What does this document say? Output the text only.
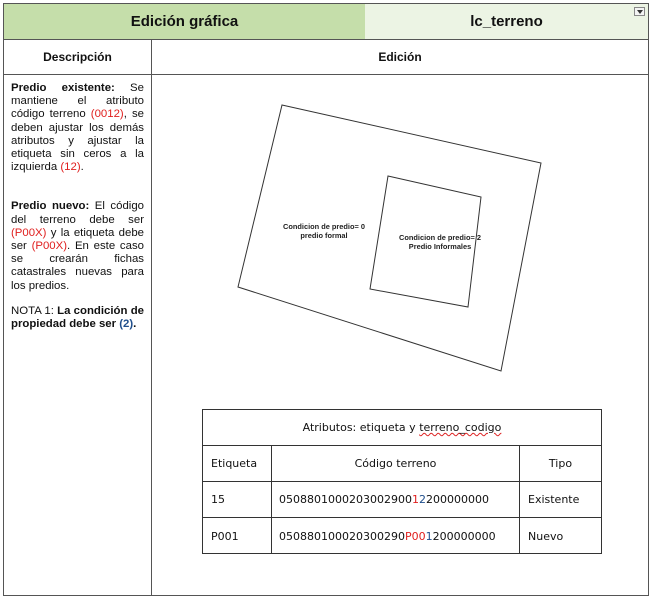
Edición gráfica	lc_terreno
Descripción	Edición

Predio existente: Se mantiene el atributo código terreno (0012), se deben ajustar los demás atributos y ajustar la etiqueta sin ceros a la izquierda (12).

Predio nuevo: El código del terreno debe ser (P00X) y la etiqueta debe ser (P00X). En este caso se crearán fichas catastrales nuevas para los predios.

NOTA 1: La condición de propiedad debe ser (2).

Condicion de predio= 0
predio formal	Condicion de predio= 2
Predio Informales
Atributos: etiqueta y
terreno_codigo
Etiqueta	Código terreno	Tipo
15	0508801000203002900 1 2 200000000	Existente
P001	050880100020300290 P00 1 200000000	Nuevo
